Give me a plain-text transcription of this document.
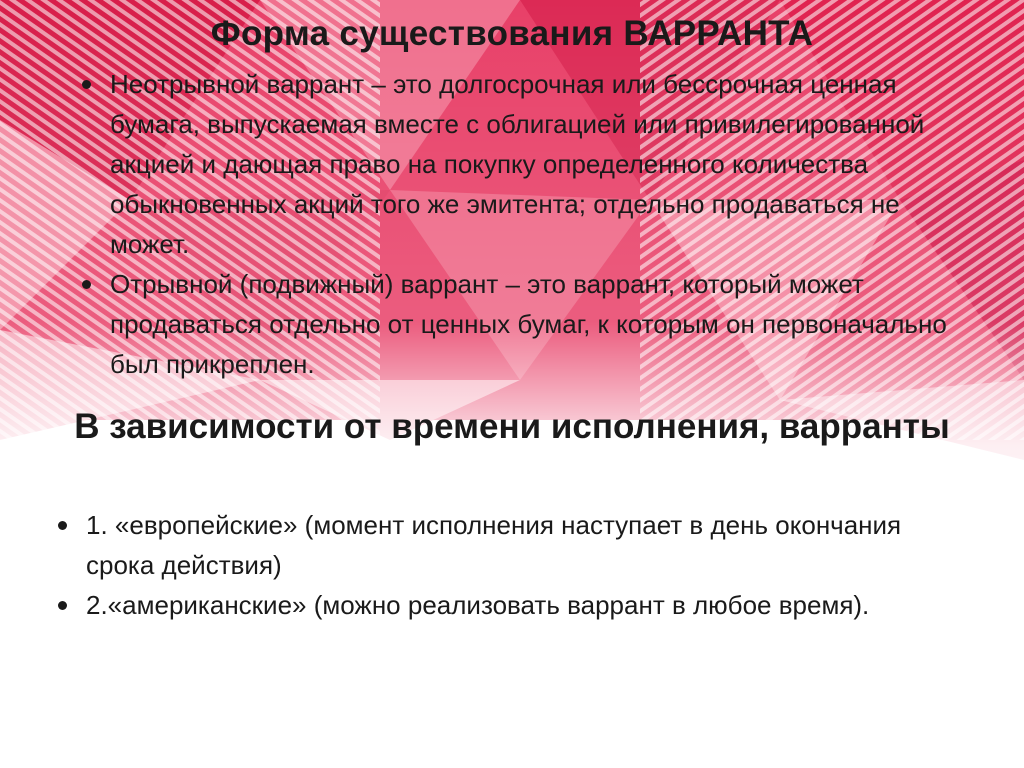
Форма существования ВАРРАНТА
Неотрывной варрант – это долгосрочная или бессрочная ценная бумага, выпускаемая вместе с облигацией или привилегированной акцией и дающая право на покупку определенного количества обыкновенных акций того же эмитента; отдельно продаваться не может.
Отрывной (подвижный) варрант – это варрант, который может продаваться отдельно от ценных бумаг, к которым он первоначально был прикреплен.
В зависимости от времени исполнения, варранты
1. «европейские» (момент исполнения наступает в день окончания срока действия)
2.«американские» (можно реализовать варрант в любое время).
